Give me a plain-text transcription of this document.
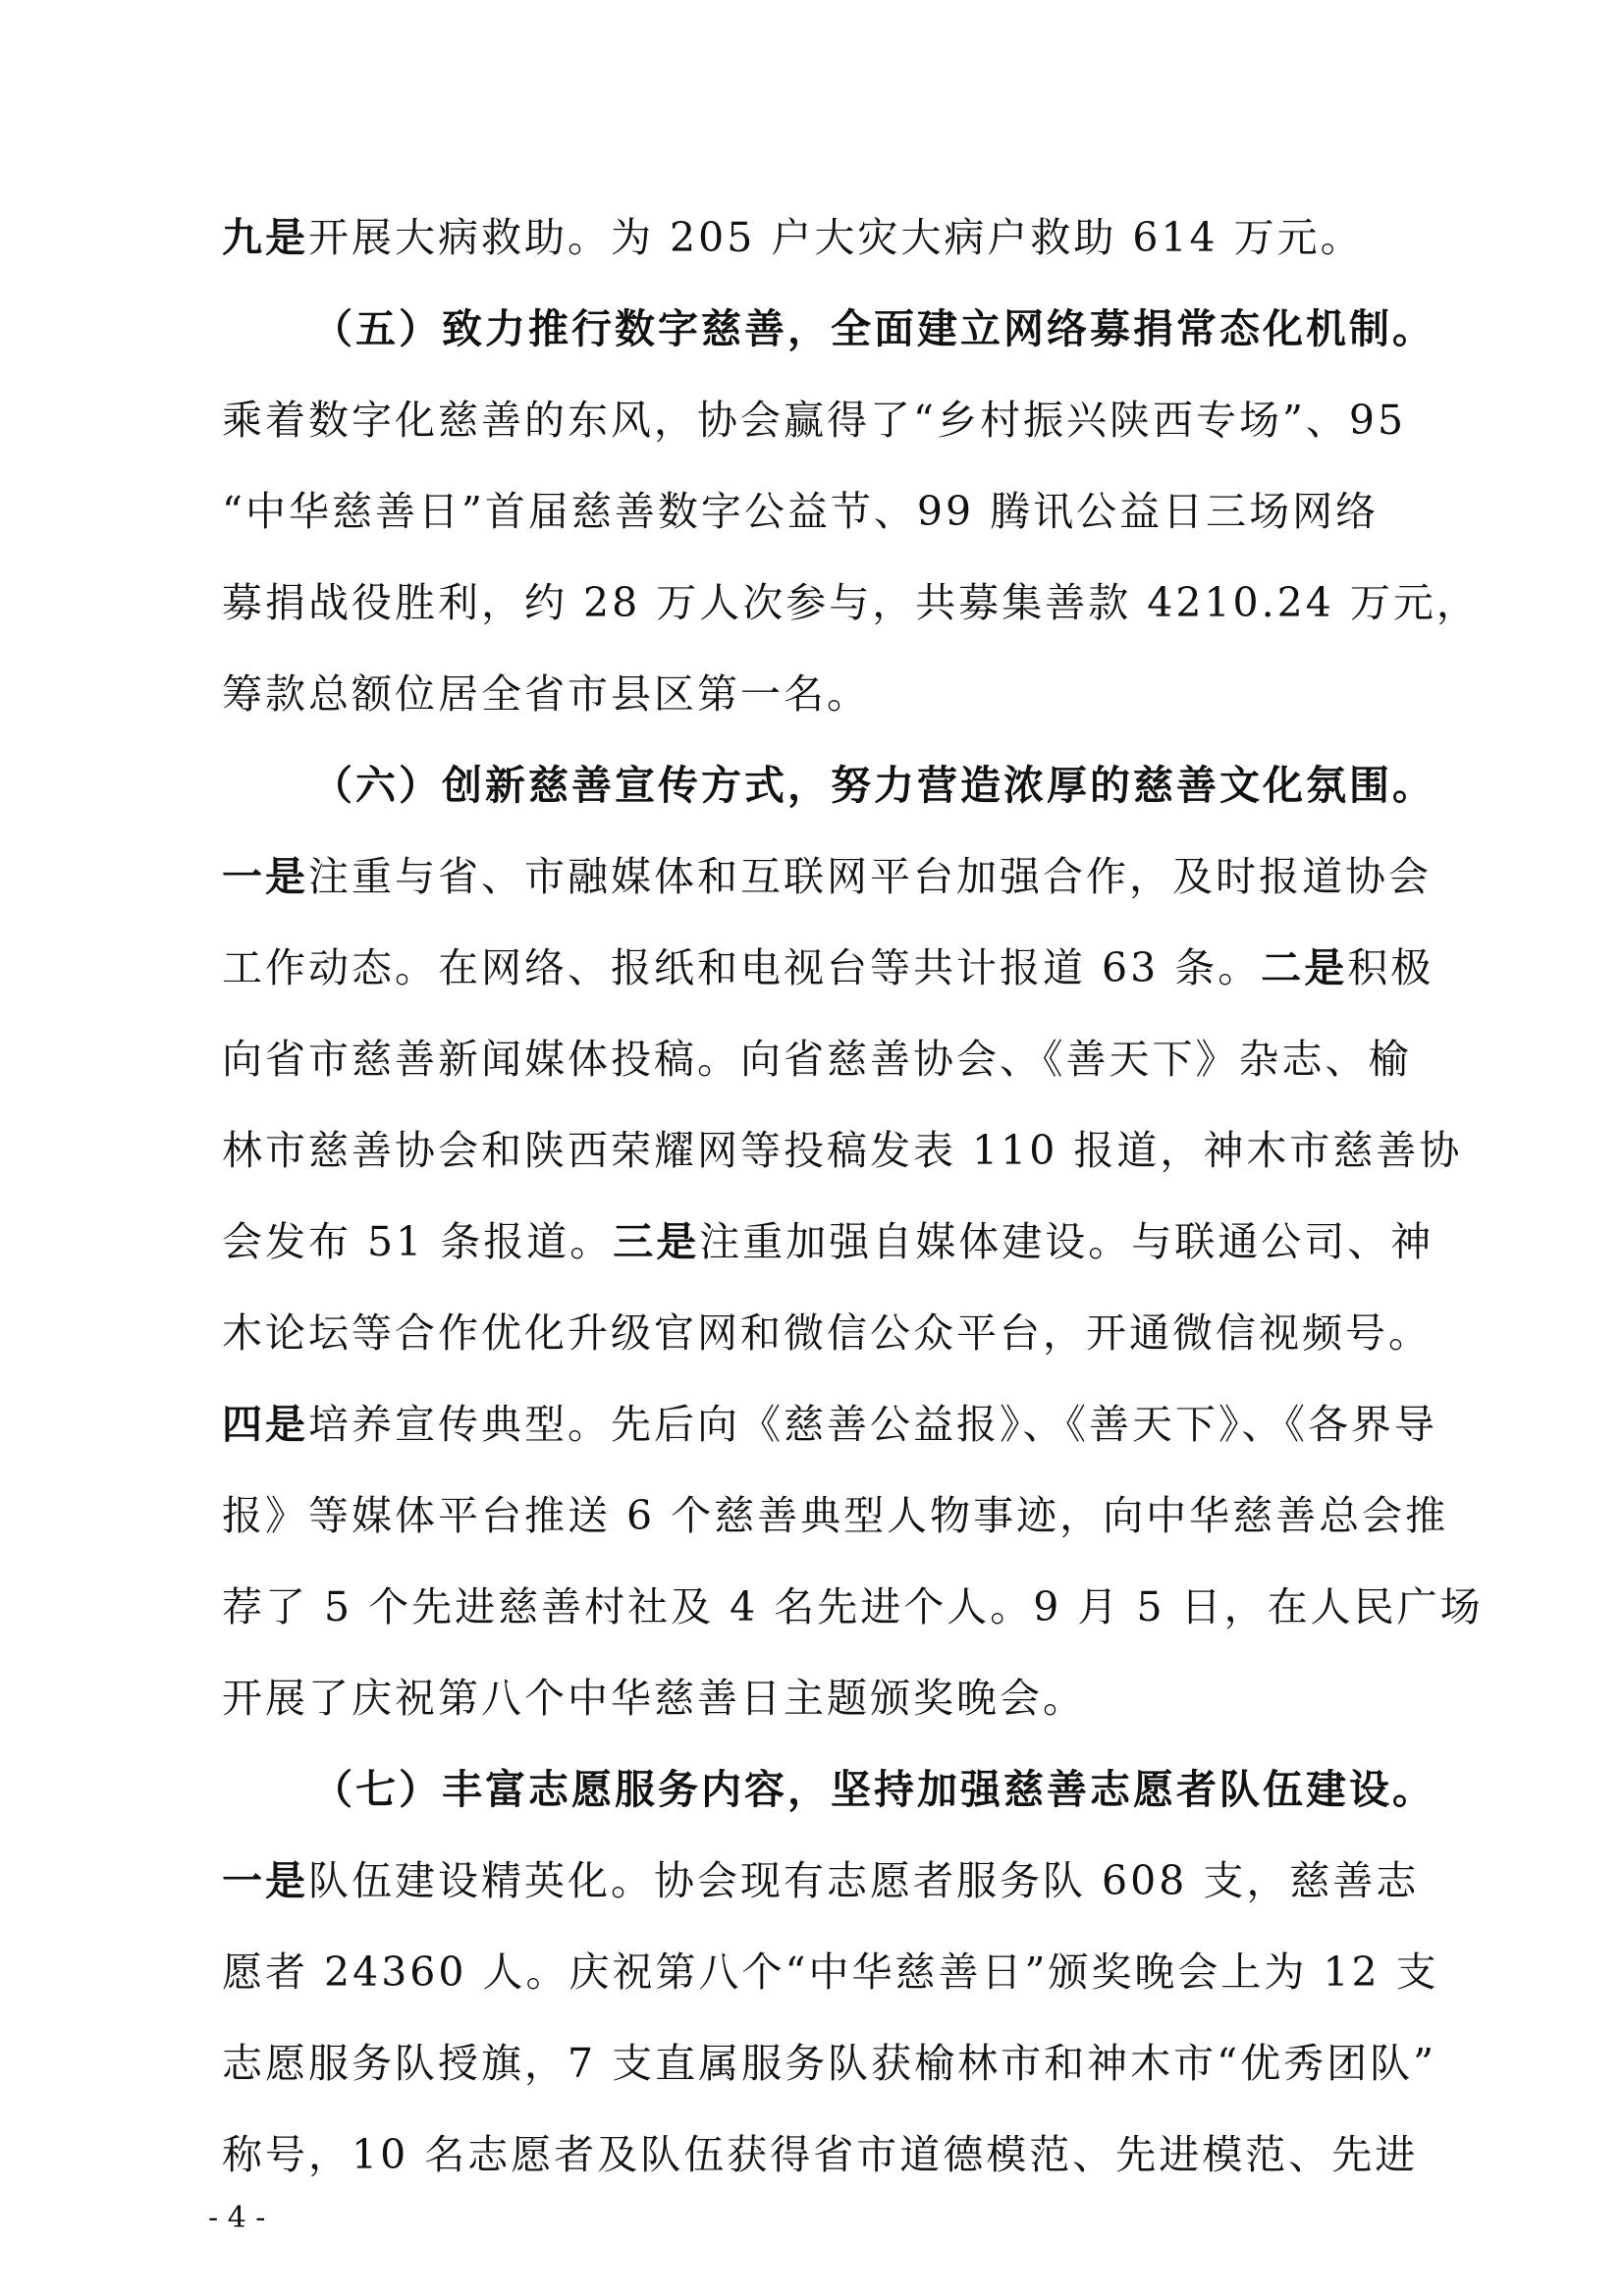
九是开展大病救助。为 205 户大灾大病户救助 614 万元。
（五）致力推行数字慈善，全面建立网络募捐常态化机制。
乘着数字化慈善的东风，协会赢得了“乡村振兴陕西专场”、95
“中华慈善日”首届慈善数字公益节、99 腾讯公益日三场网络
募捐战役胜利，约 28 万人次参与，共募集善款 4210.24 万元，
筹款总额位居全省市县区第一名。
（六）创新慈善宣传方式，努力营造浓厚的慈善文化氛围。
一是注重与省、市融媒体和互联网平台加强合作，及时报道协会
工作动态。在网络、报纸和电视台等共计报道 63 条。二是积极
向省市慈善新闻媒体投稿。向省慈善协会、《善天下》杂志、榆
林市慈善协会和陕西荣耀网等投稿发表 110 报道，神木市慈善协
会发布 51 条报道。三是注重加强自媒体建设。与联通公司、神
木论坛等合作优化升级官网和微信公众平台，开通微信视频号。
四是培养宣传典型。先后向《慈善公益报》、《善天下》、《各界导
报》等媒体平台推送 6 个慈善典型人物事迹，向中华慈善总会推
荐了 5 个先进慈善村社及 4 名先进个人。9 月 5 日，在人民广场
开展了庆祝第八个中华慈善日主题颁奖晚会。
（七）丰富志愿服务内容，坚持加强慈善志愿者队伍建设。
一是队伍建设精英化。协会现有志愿者服务队 608 支，慈善志
愿者 24360 人。庆祝第八个“中华慈善日”颁奖晚会上为 12 支
志愿服务队授旗，7 支直属服务队获榆林市和神木市“优秀团队”
称号，10 名志愿者及队伍获得省市道德模范、先进模范、先进
- 4 -
